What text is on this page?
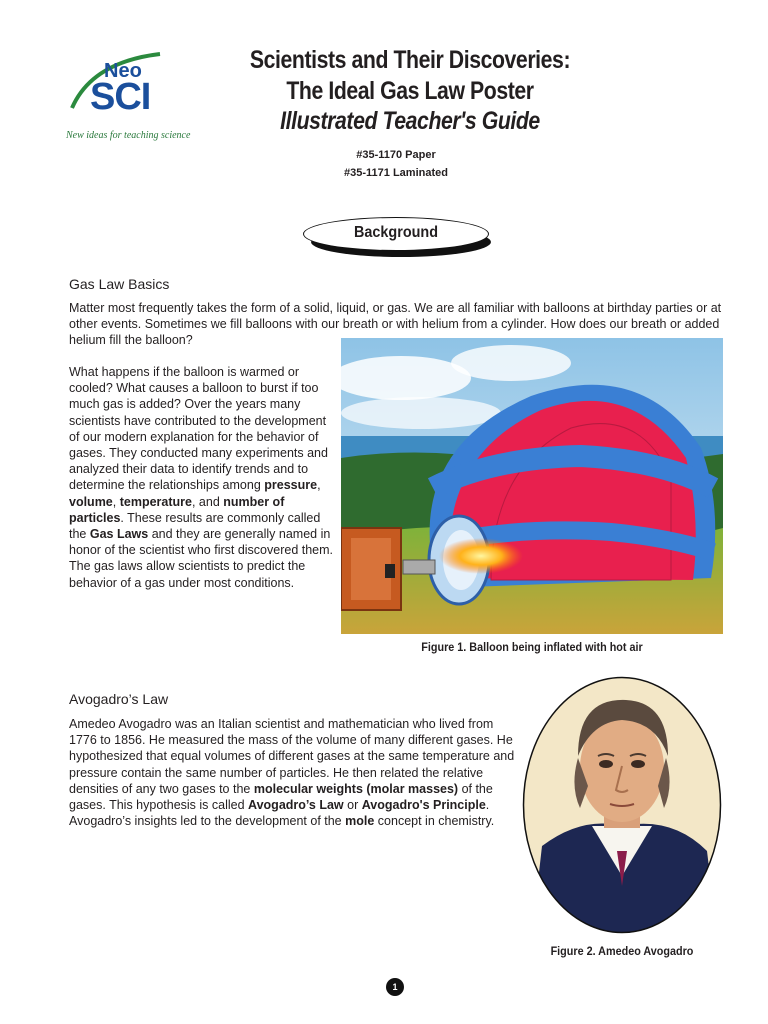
Neo
SCI
New ideas for teaching science
Scientists and Their Discoveries:
The Ideal Gas Law Poster
Illustrated Teacher's Guide
#35-1170 Paper
#35-1171 Laminated
Background
Gas Law Basics
Matter most frequently takes the form of a solid, liquid, or gas. We are all familiar with balloons at birthday parties or at other events. Sometimes we fill balloons with our breath or with helium from a cylinder. How does our breath or added helium fill the balloon?
What happens if the balloon is warmed or cooled? What causes a balloon to burst if too much gas is added? Over the years many scientists have contributed to the development of our modern explanation for the behavior of gases. They conducted many experiments and analyzed their data to identify trends and to determine the relationships among pressure, volume, temperature, and number of particles. These results are commonly called the Gas Laws and they are generally named in honor of the scientist who first discovered them. The gas laws allow scientists to predict the behavior of a gas under most conditions.
Figure 1. Balloon being inflated with hot air
Avogadro’s Law
Amedeo Avogadro was an Italian scientist and mathematician who lived from 1776 to 1856. He measured the mass of the volume of many different gases. He hypothesized that equal volumes of different gases at the same temperature and pressure contain the same number of particles. He then related the relative densities of any two gases to the molecular weights (molar masses) of the gases. This hypothesis is called Avogadro’s Law or Avogadro's Principle. Avogadro’s insights led to the development of the mole concept in chemistry.
Figure 2. Amedeo Avogadro
1
